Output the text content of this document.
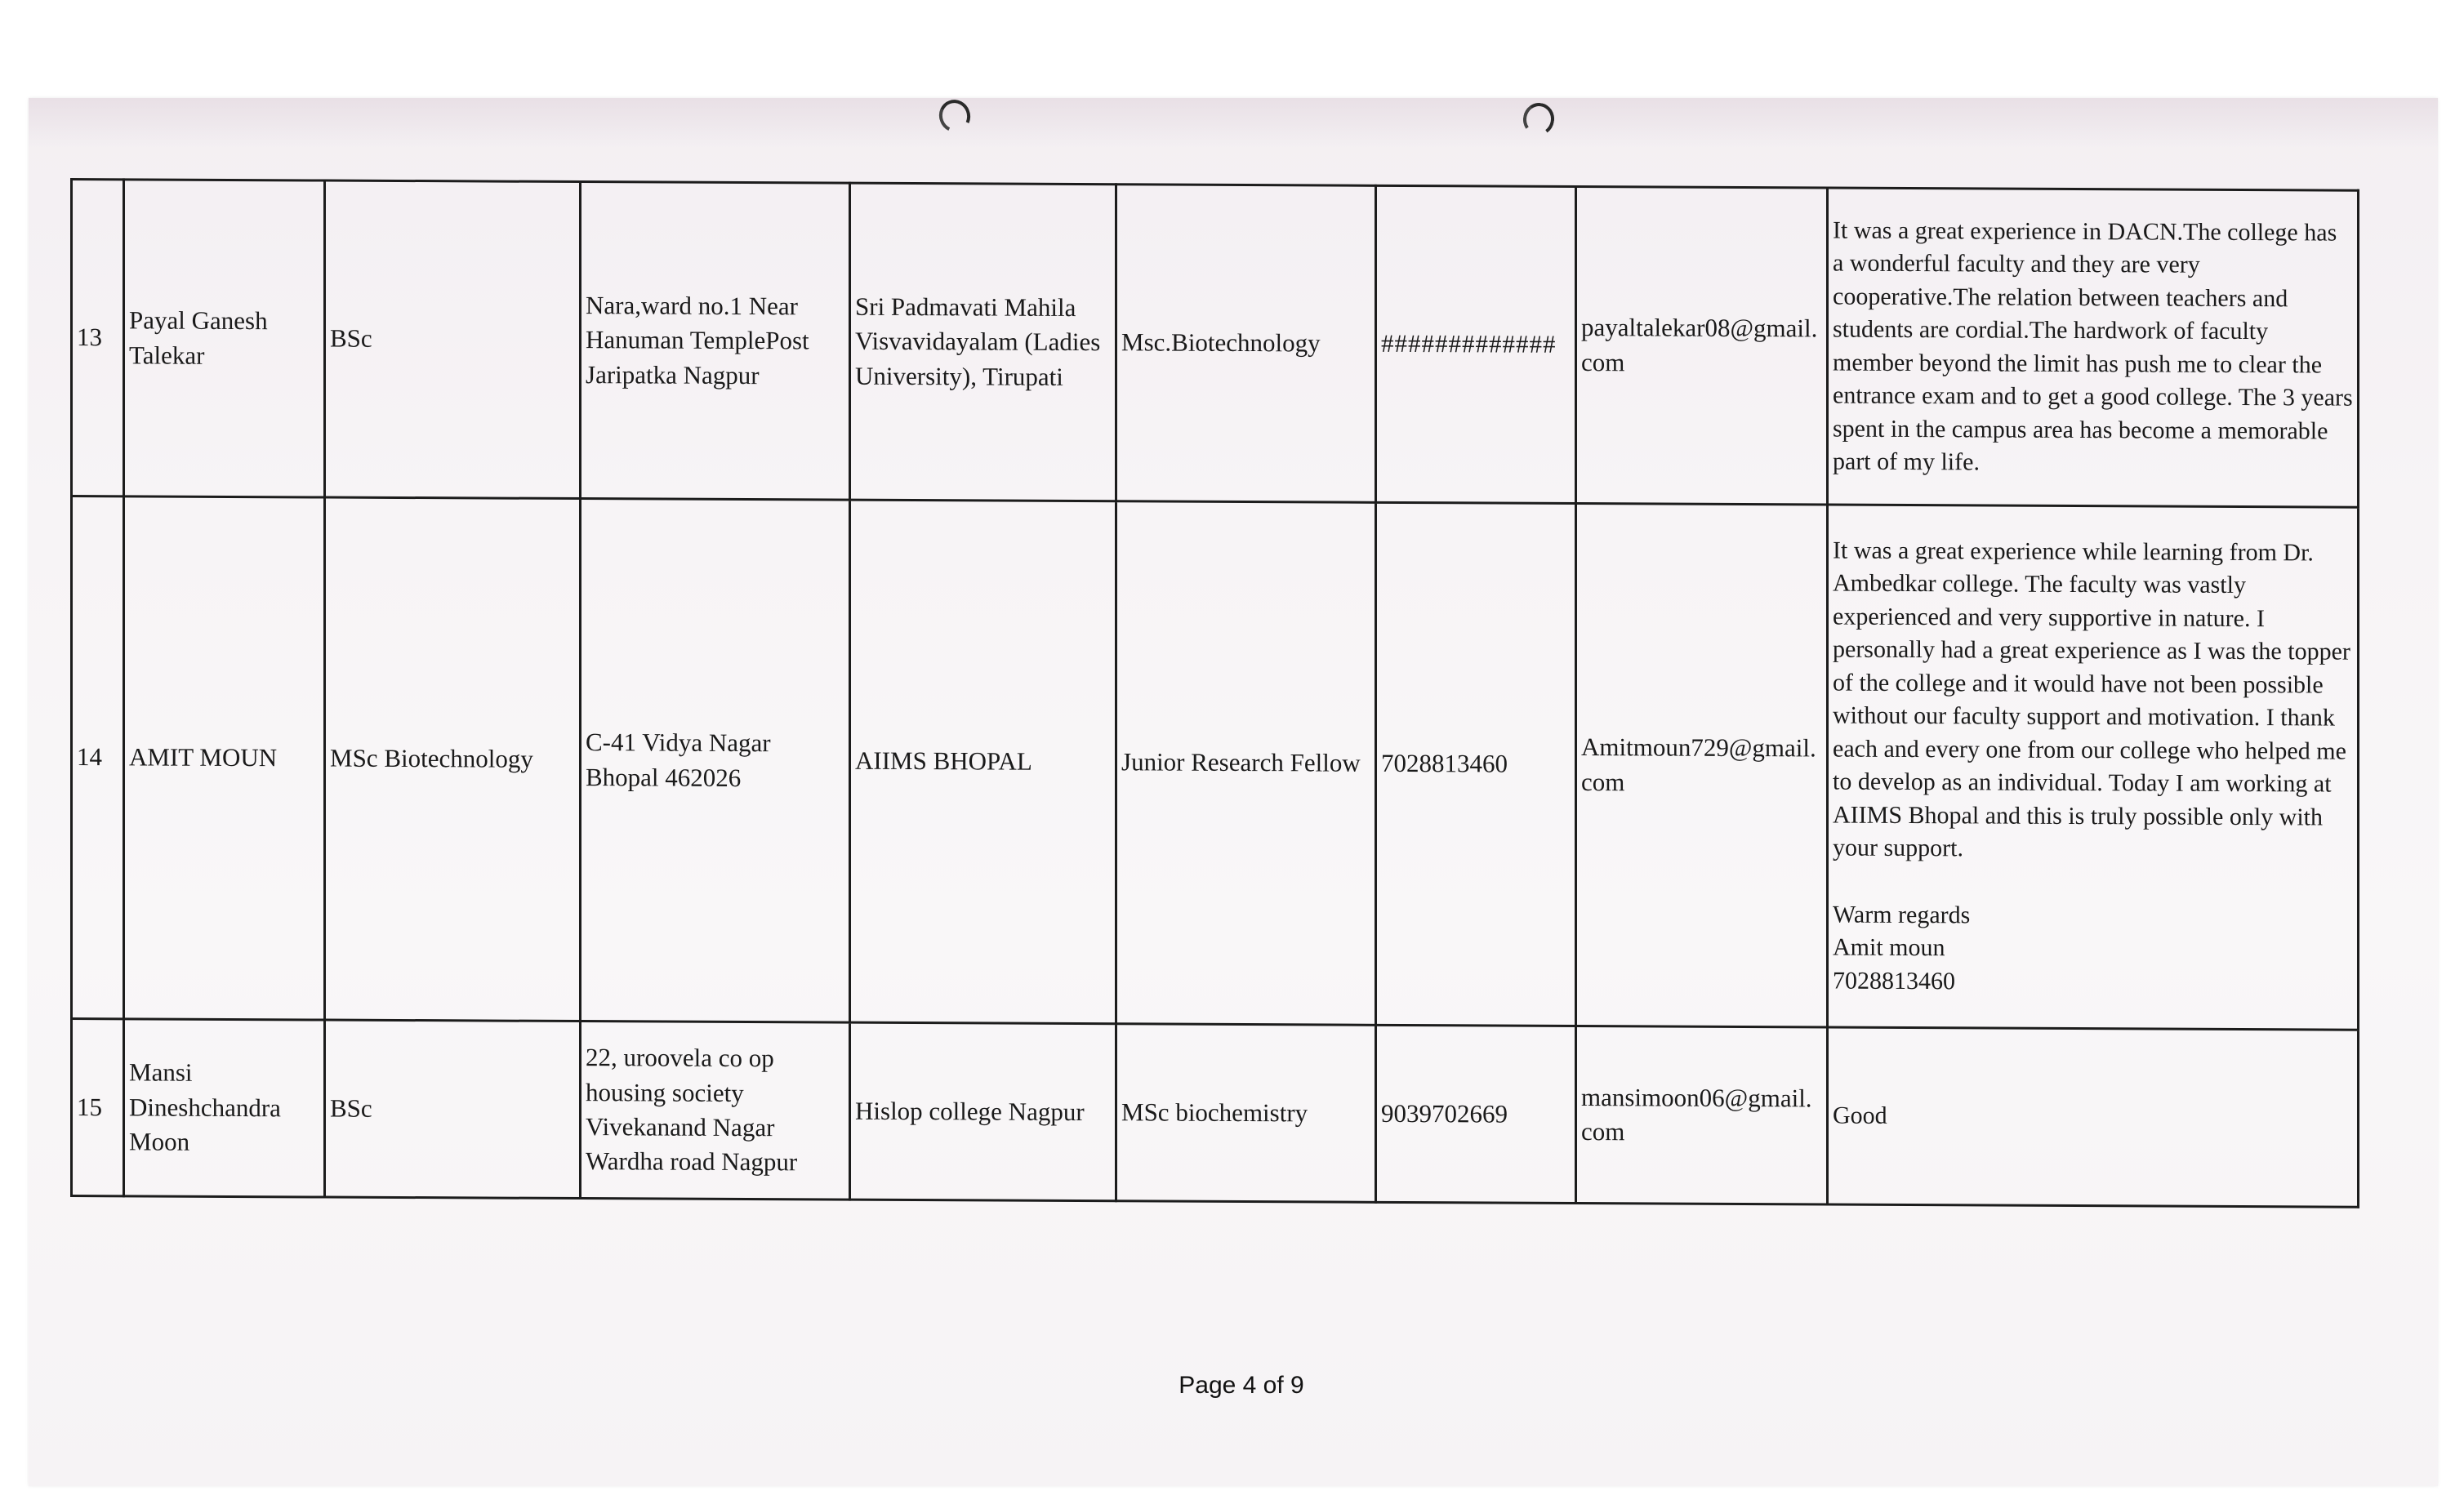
13	Payal Ganesh Talekar	BSc	Nara,ward no.1 Near Hanuman TemplePost Jaripatka Nagpur	Sri Padmavati Mahila Visvavidayalam (Ladies University), Tirupati	Msc.Biotechnology	#############	payaltalekar08@gmail.com	It was a great experience in DACN.The college has a wonderful faculty and they are very cooperative.The relation between teachers and students are cordial.The hardwork of faculty member beyond the limit has push me to clear the entrance exam and to get a good college. The 3 years spent in the campus area has become a memorable part of my life.
14	AMIT MOUN	MSc Biotechnology	C-41 Vidya Nagar Bhopal 462026	AIIMS BHOPAL	Junior Research Fellow	7028813460	Amitmoun729@gmail.com	It was a great experience while learning from Dr. Ambedkar college. The faculty was vastly experienced and very supportive in nature. I personally had a great experience as I was the topper of the college and it would have not been possible without our faculty support and motivation. I thank each and every one from our college who helped me to develop as an individual. Today I am working at AIIMS Bhopal and this is truly possible only with your support.
Warm regards
Amit moun
7028813460

15	Mansi Dineshchandra Moon	BSc	22, uroovela co op housing society Vivekanand Nagar Wardha road Nagpur	Hislop college Nagpur	MSc biochemistry	9039702669	mansimoon06@gmail.com	Good
Page 4 of 9
